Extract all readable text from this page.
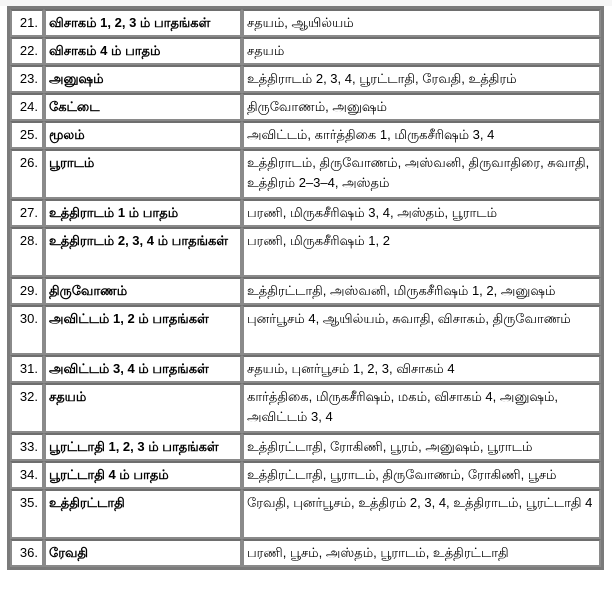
21.	விசாகம் 1, 2, 3 ம் பாதங்கள்	சதயம், ஆயில்யம்
22.	விசாகம் 4 ம் பாதம்	சதயம்
23.	அனுஷம்	உத்திராடம் 2, 3, 4, பூரட்டாதி, ரேவதி, உத்திரம்
24.	கேட்டை	திருவோணம், அனுஷம்
25.	மூலம்	அவிட்டம், கார்த்திகை 1, மிருகசீரிஷம் 3, 4
26.	பூராடம்	உத்திராடம், திருவோணம், அஸ்வனி, திருவாதிரை, சுவாதி, உத்திரம் 2–3–4, அஸ்தம்
27.	உத்திராடம் 1 ம் பாதம்	பரணி, மிருகசீரிஷம் 3, 4, அஸ்தம், பூராடம்
28.	உத்திராடம் 2, 3, 4 ம் பாதங்கள்	பரணி, மிருகசீரிஷம் 1, 2
29.	திருவோணம்	உத்திரட்டாதி, அஸ்வனி, மிருகசீரிஷம் 1, 2, அனுஷம்
30.	அவிட்டம் 1, 2 ம் பாதங்கள்	புனர்பூசம் 4, ஆயில்யம், சுவாதி, விசாகம், திருவோணம்
31.	அவிட்டம் 3, 4 ம் பாதங்கள்	சதயம், புனர்பூசம் 1, 2, 3, விசாகம் 4
32.	சதயம்	கார்த்திகை, மிருகசீரிஷம், மகம், விசாகம் 4, அனுஷம், அவிட்டம் 3, 4
33.	பூரட்டாதி 1, 2, 3 ம் பாதங்கள்	உத்திரட்டாதி, ரோகிணி, பூரம், அனுஷம், பூராடம்
34.	பூரட்டாதி 4 ம் பாதம்	உத்திரட்டாதி, பூராடம், திருவோணம், ரோகிணி, பூசம்
35.	உத்திரட்டாதி	ரேவதி, புனர்பூசம், உத்திரம் 2, 3, 4, உத்திராடம், பூரட்டாதி 4
36.	ரேவதி	பரணி, பூசம், அஸ்தம், பூராடம், உத்திரட்டாதி
